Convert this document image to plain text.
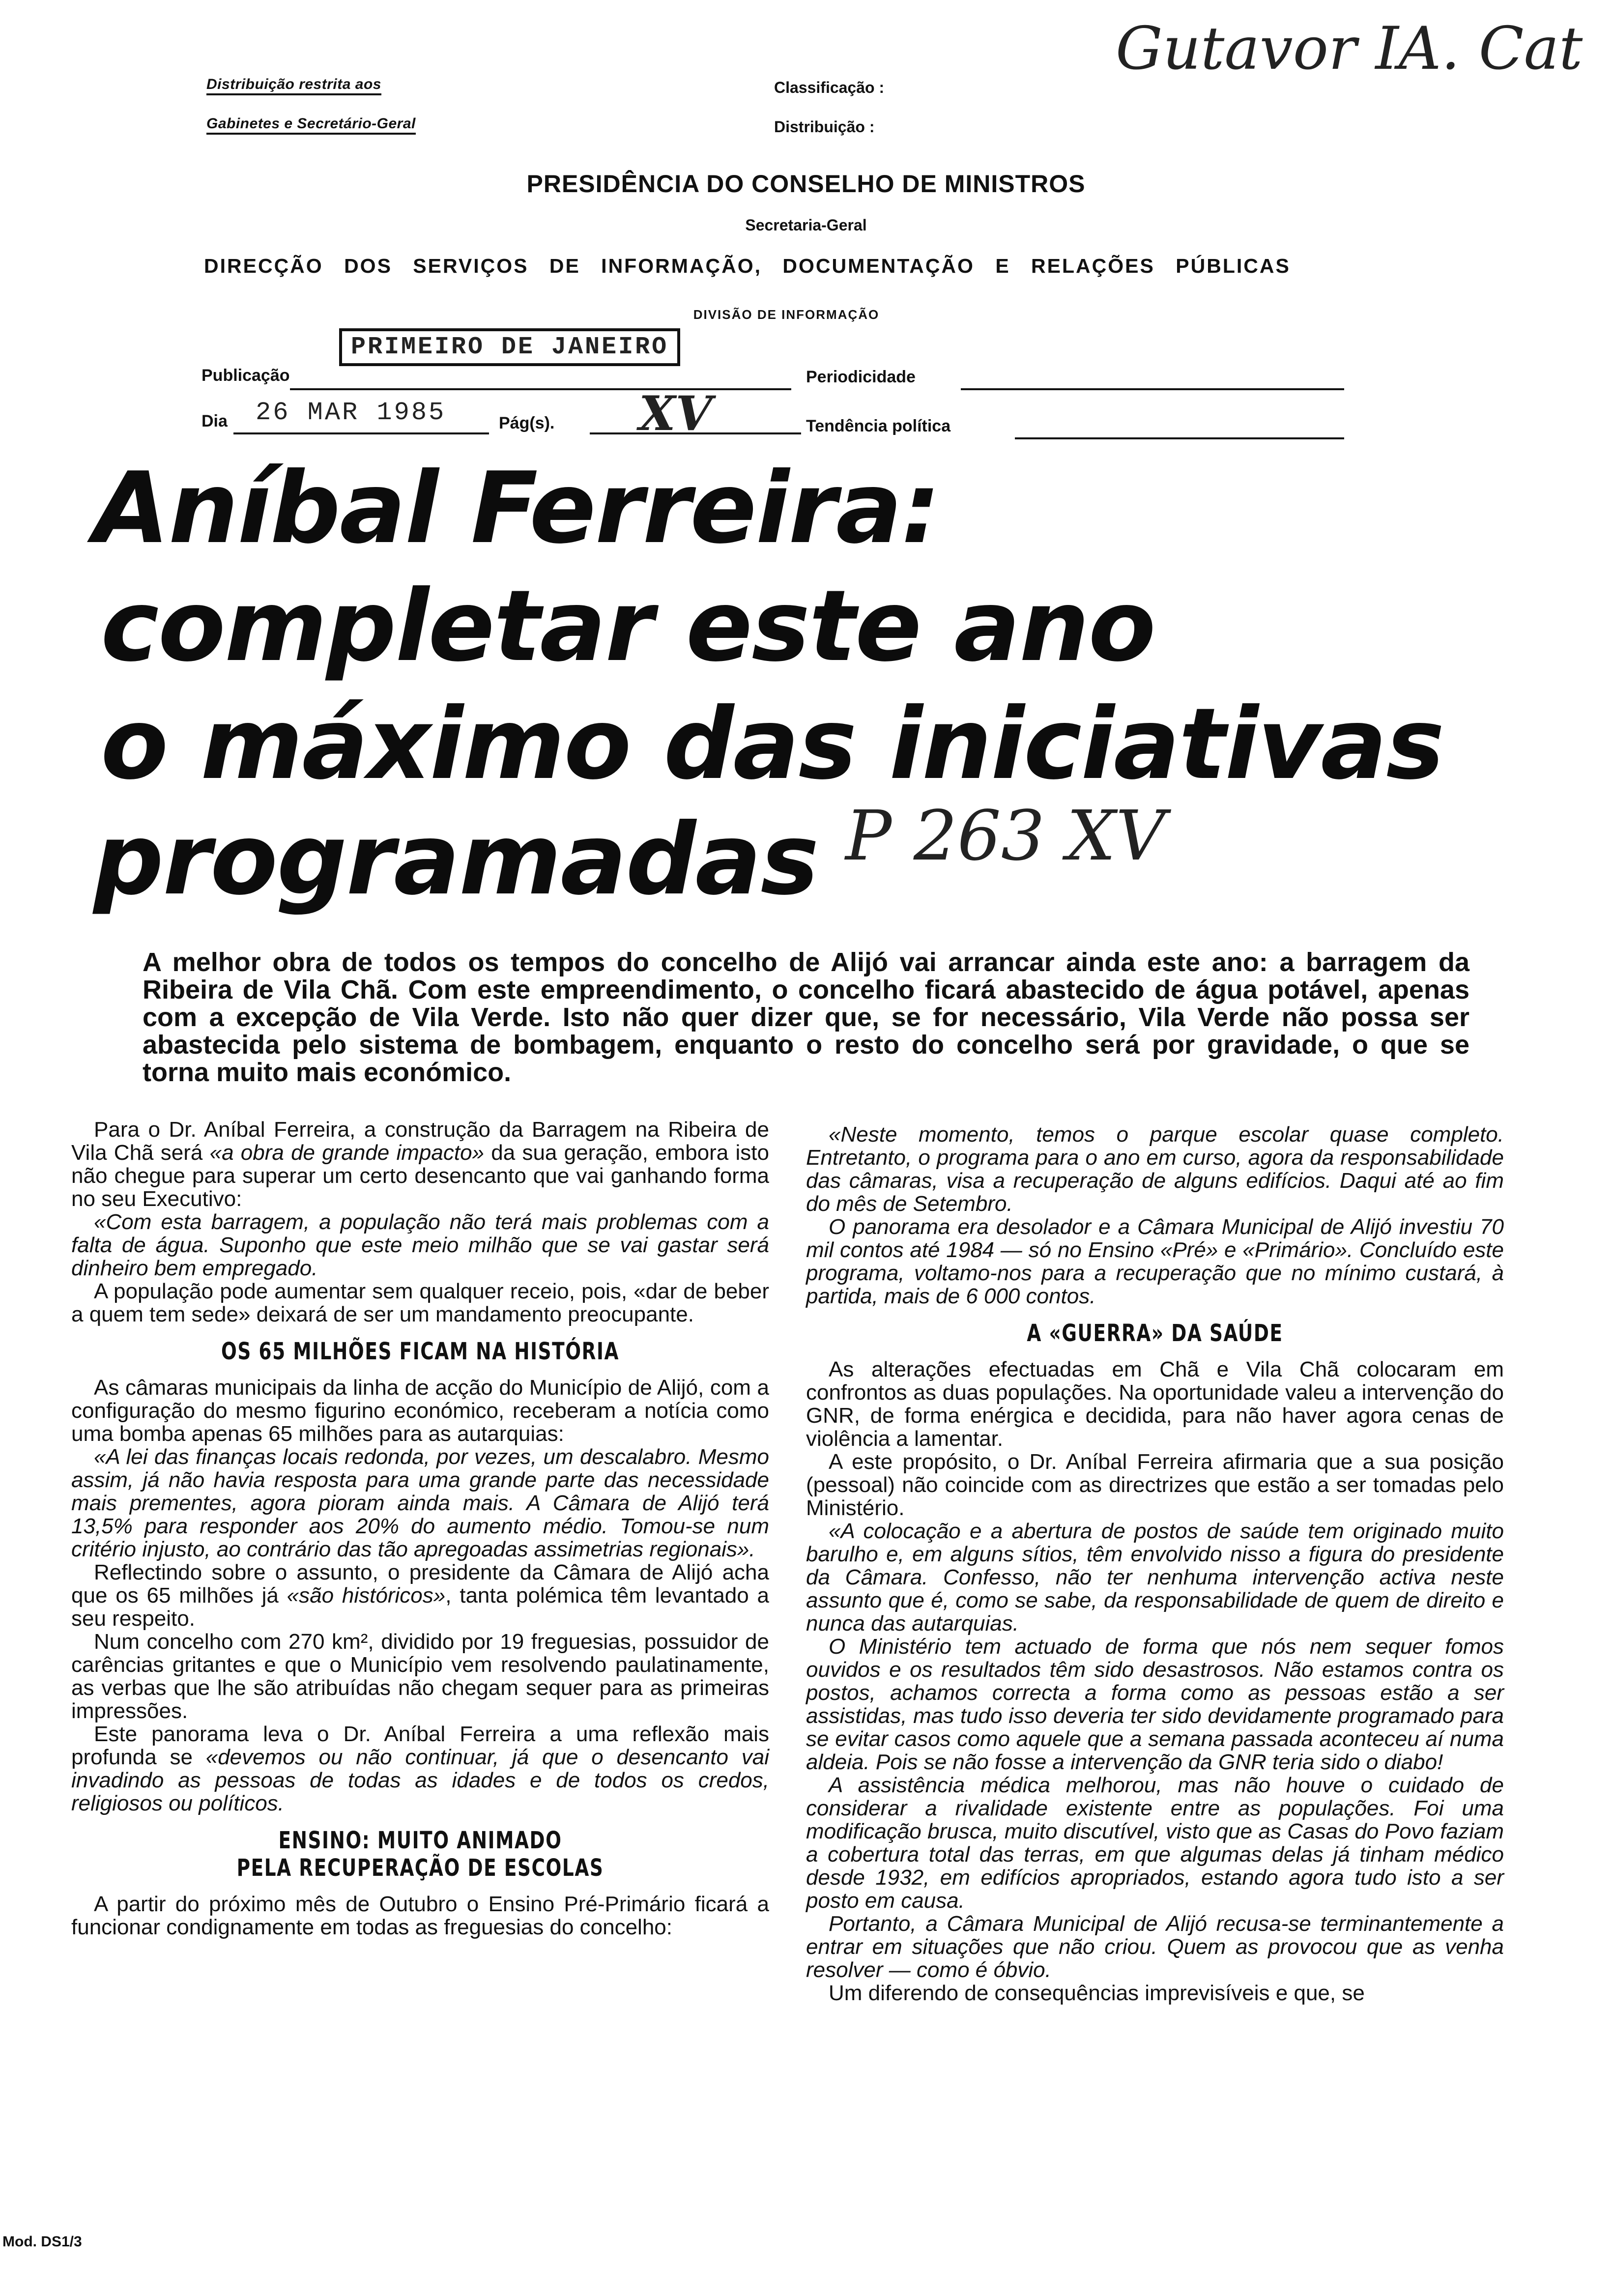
Distribuição restrita aos
Gabinetes e Secretário-Geral
Classificação :
Distribuição :
Gutavor IA. Cat
PRESIDÊNCIA DO CONSELHO DE MINISTROS
Secretaria-Geral
DIRECÇÃO DOS SERVIÇOS DE INFORMAÇÃO, DOCUMENTAÇÃO E RELAÇÕES PÚBLICAS
DIVISÃO DE INFORMAÇÃO
Publicação
PRIMEIRO DE JANEIRO
Periodicidade
Dia 26 MAR 1985	Pág(s). XV	Tendência política
Aníbal Ferreira:
completar este ano
o máximo das iniciativas
programadas P 263 XV
A melhor obra de todos os tempos do concelho de Alijó vai arrancar ainda este ano: a barragem da Ribeira de Vila Chã. Com este empreendimento, o concelho ficará abastecido de água potável, apenas com a excepção de Vila Verde. Isto não quer dizer que, se for necessário, Vila Verde não possa ser abastecida pelo sistema de bombagem, enquanto o resto do concelho será por gravidade, o que se torna muito mais económico.

Para o Dr. Aníbal Ferreira, a construção da Barragem na Ribeira de Vila Chã será «a obra de grande impacto» da sua geração, embora isto não chegue para superar um certo desencanto que vai ganhando forma no seu Executivo:

«Com esta barragem, a população não terá mais problemas com a falta de água. Suponho que este meio milhão que se vai gastar será dinheiro bem empregado.

A população pode aumentar sem qualquer receio, pois, «dar de beber a quem tem sede» deixará de ser um mandamento preocupante.

OS 65 MILHÕES FICAM NA HISTÓRIA

As câmaras municipais da linha de acção do Município de Alijó, com a configuração do mesmo figurino económico, receberam a notícia como uma bomba apenas 65 milhões para as autarquias:

«A lei das finanças locais redonda, por vezes, um descalabro. Mesmo assim, já não havia resposta para uma grande parte das necessidade mais prementes, agora pioram ainda mais. A Câmara de Alijó terá 13,5% para responder aos 20% do aumento médio. Tomou-se num critério injusto, ao contrário das tão apregoadas assimetrias regionais».

Reflectindo sobre o assunto, o presidente da Câmara de Alijó acha que os 65 milhões já «são históricos», tanta polémica têm levantado a seu respeito.

Num concelho com 270 km², dividido por 19 freguesias, possuidor de carências gritantes e que o Município vem resolvendo paulatinamente, as verbas que lhe são atribuídas não chegam sequer para as primeiras impressões.

Este panorama leva o Dr. Aníbal Ferreira a uma reflexão mais profunda se «devemos ou não continuar, já que o desencanto vai invadindo as pessoas de todas as idades e de todos os credos, religiosos ou políticos.

ENSINO: MUITO ANIMADO
PELA RECUPERAÇÃO DE ESCOLAS

A partir do próximo mês de Outubro o Ensino Pré-Primário ficará a funcionar condignamente em todas as freguesias do concelho:

«Neste momento, temos o parque escolar quase completo. Entretanto, o programa para o ano em curso, agora da responsabilidade das câmaras, visa a recuperação de alguns edifícios. Daqui até ao fim do mês de Setembro.

O panorama era desolador e a Câmara Municipal de Alijó investiu 70 mil contos até 1984 — só no Ensino «Pré» e «Primário». Concluído este programa, voltamo-nos para a recuperação que no mínimo custará, à partida, mais de 6 000 contos.

A «GUERRA» DA SAÚDE

As alterações efectuadas em Chã e Vila Chã colocaram em confrontos as duas populações. Na oportunidade valeu a intervenção do GNR, de forma enérgica e decidida, para não haver agora cenas de violência a lamentar.

A este propósito, o Dr. Aníbal Ferreira afirmaria que a sua posição (pessoal) não coincide com as directrizes que estão a ser tomadas pelo Ministério.

«A colocação e a abertura de postos de saúde tem originado muito barulho e, em alguns sítios, têm envolvido nisso a figura do presidente da Câmara. Confesso, não ter nenhuma intervenção activa neste assunto que é, como se sabe, da responsabilidade de quem de direito e nunca das autarquias.

O Ministério tem actuado de forma que nós nem sequer fomos ouvidos e os resultados têm sido desastrosos. Não estamos contra os postos, achamos correcta a forma como as pessoas estão a ser assistidas, mas tudo isso deveria ter sido devidamente programado para se evitar casos como aquele que a semana passada aconteceu aí numa aldeia. Pois se não fosse a intervenção da GNR teria sido o diabo!

A assistência médica melhorou, mas não houve o cuidado de considerar a rivalidade existente entre as populações. Foi uma modificação brusca, muito discutível, visto que as Casas do Povo faziam a cobertura total das terras, em que algumas delas já tinham médico desde 1932, em edifícios apropriados, estando agora tudo isto a ser posto em causa.

Portanto, a Câmara Municipal de Alijó recusa-se terminantemente a entrar em situações que não criou. Quem as provocou que as venha resolver — como é óbvio.

Um diferendo de consequências imprevisíveis e que, se

Mod. DS1/3
